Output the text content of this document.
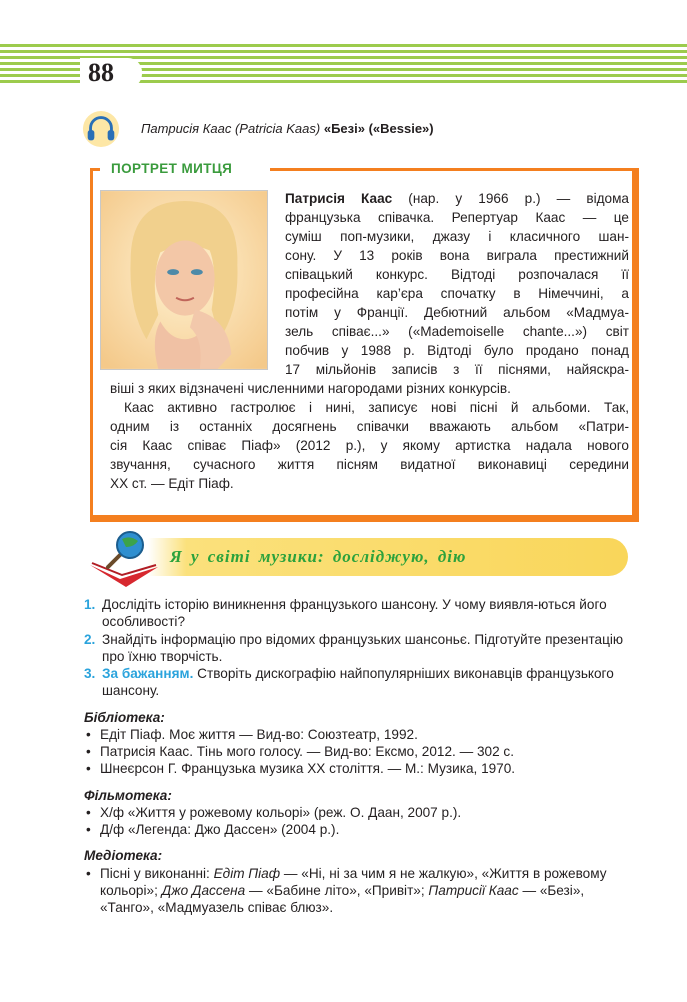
88
Патрисія Каас (Patricia Kaas) «Безі» («Bessie»)
ПОРТРЕТ МИТЦЯ
Патрисія Каас (нар. у 1966 р.) — відома
французька співачка. Репертуар Каас — це
суміш поп-музики, джазу і класичного шан-
сону. У 13 років вона виграла престижний
співацький конкурс. Відтоді розпочалася її
професійна кар’єра спочатку в Німеччині, а
потім у Франції. Дебютний альбом «Мадмуа-
зель співає...» («Mademoiselle chante...») світ
побчив у 1988 р. Відтоді було продано понад
17 мільйонів записів з її піснями, найяскра-
віші з яких відзначені численними нагородами різних конкурсів.
Каас активно гастролює і нині, записує нові пісні й альбоми. Так,
одним із останніх досягнень співачки вважають альбом «Патри-
сія Каас співає Піаф» (2012 р.), у якому артистка надала нового
звучання, сучасного життя пісням видатної виконавиці середини
ХХ ст. — Едіт Піаф.
Я у світі музики: досліджую, дію
1. Дослідіть історію виникнення французького шансону. У чому виявля-ються його особливості?
2. Знайдіть інформацію про відомих французьких шансоньє. Підготуйте презентацію про їхню творчість.
3. За бажанням. Створіть дискографію найпопулярніших виконавців французького шансону.
Бібліотека:
• Едіт Піаф. Моє життя — Вид-во: Союзтеатр, 1992.
• Патрисія Каас. Тінь мого голосу. — Вид-во: Ексмо, 2012. — 302 с.
• Шнеєрсон Г. Французька музика ХХ століття. — М.: Музика, 1970.
Фільмотека:
• Х/ф «Життя у рожевому кольорі» (реж. О. Даан, 2007 р.).
• Д/ф «Легенда: Джо Дассен» (2004 р.).
Медіотека:
• Пісні у виконанні: Едіт Піаф — «Ні, ні за чим я не жалкую», «Життя в рожевому кольорі»; Джо Дассена — «Бабине літо», «Привіт»; Патрисії Каас — «Безі», «Танго», «Мадмуазель співає блюз».
